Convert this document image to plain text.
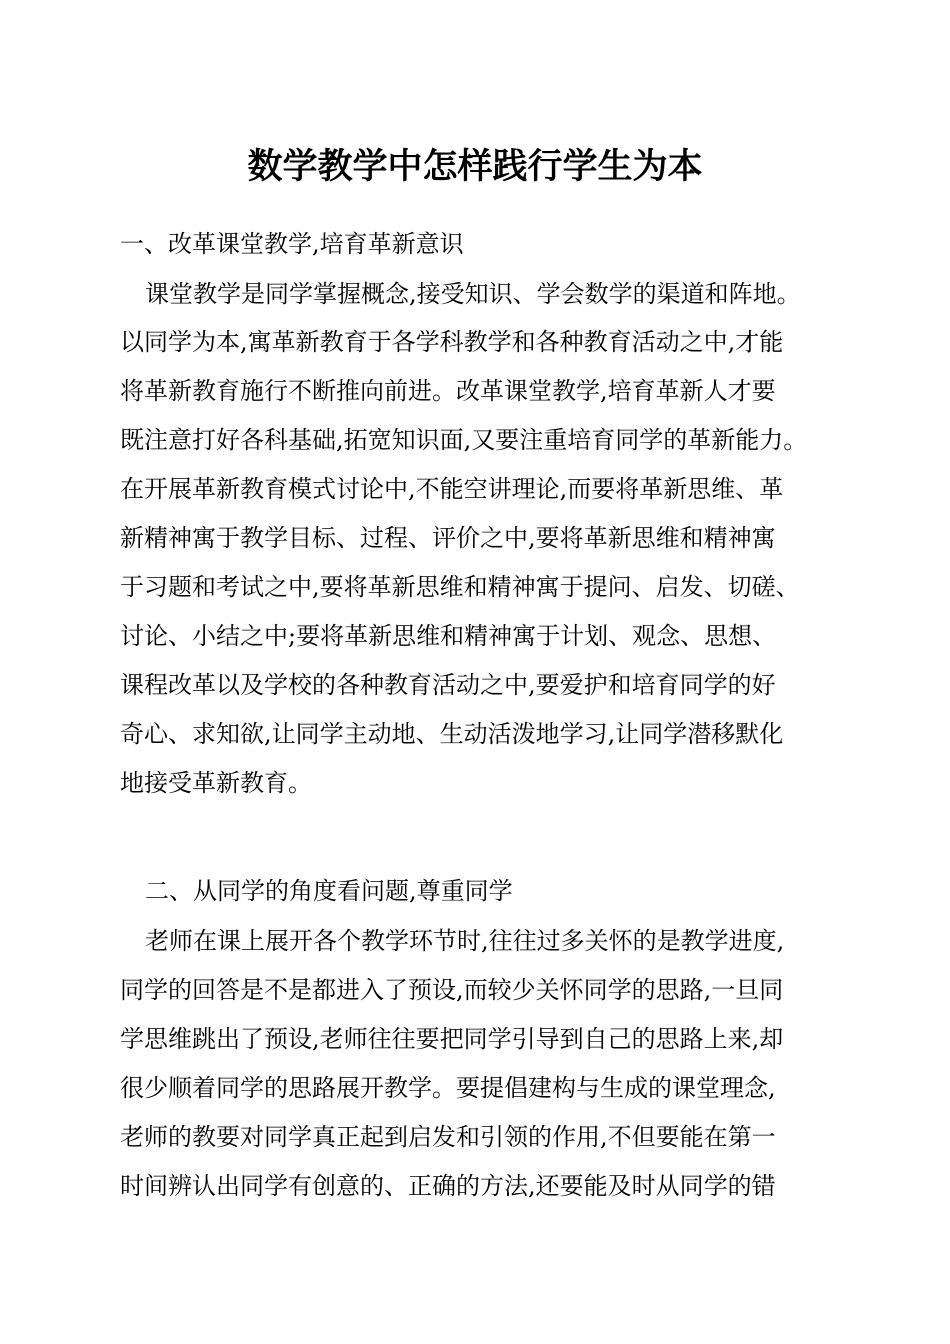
数学教学中怎样践行学生为本
一、改革课堂教学,培育革新意识
课堂教学是同学掌握概念,接受知识、学会数学的渠道和阵地。
以同学为本,寓革新教育于各学科教学和各种教育活动之中,才能
将革新教育施行不断推向前进。改革课堂教学,培育革新人才要
既注意打好各科基础,拓宽知识面,又要注重培育同学的革新能力。
在开展革新教育模式讨论中,不能空讲理论,而要将革新思维、革
新精神寓于教学目标、过程、评价之中,要将革新思维和精神寓
于习题和考试之中,要将革新思维和精神寓于提问、启发、切磋、
讨论、小结之中;要将革新思维和精神寓于计划、观念、思想、
课程改革以及学校的各种教育活动之中,要爱护和培育同学的好
奇心、求知欲,让同学主动地、生动活泼地学习,让同学潜移默化
地接受革新教育。
二、从同学的角度看问题,尊重同学
老师在课上展开各个教学环节时,往往过多关怀的是教学进度,
同学的回答是不是都进入了预设,而较少关怀同学的思路,一旦同
学思维跳出了预设,老师往往要把同学引导到自己的思路上来,却
很少顺着同学的思路展开教学。要提倡建构与生成的课堂理念,
老师的教要对同学真正起到启发和引领的作用,不但要能在第一
时间辨认出同学有创意的、正确的方法,还要能及时从同学的错
